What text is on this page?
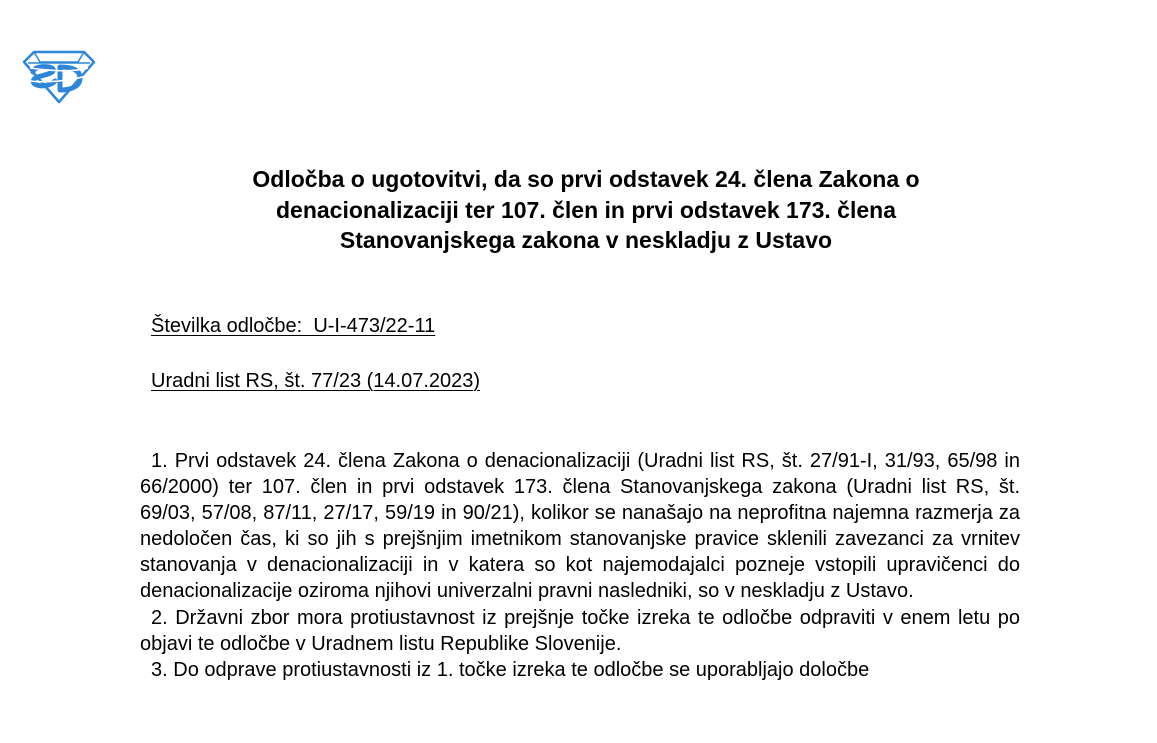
Odločba o ugotovitvi, da so prvi odstavek 24. člena Zakona o
denacionalizaciji ter 107. člen in prvi odstavek 173. člena
Stanovanjskega zakona v neskladju z Ustavo

Številka odločbe:  U-I-473/22-11

Uradni list RS, št. 77/23 (14.07.2023)

1. Prvi odstavek 24. člena Zakona o denacionalizaciji (Uradni list RS, št. 27/91-I, 31/93, 65/98 in 66/2000) ter 107. člen in prvi odstavek 173. člena Stanovanjskega zakona (Uradni list RS, št. 69/03, 57/08, 87/11, 27/17, 59/19 in 90/21), kolikor se nanašajo na neprofitna najemna razmerja za nedoločen čas, ki so jih s prejšnjim imetnikom stanovanjske pravice sklenili zavezanci za vrnitev stanovanja v denacionalizaciji in v katera so kot najemodajalci pozneje vstopili upravičenci do denacionalizacije oziroma njihovi univerzalni pravni nasledniki, so v neskladju z Ustavo.

2. Državni zbor mora protiustavnost iz prejšnje točke izreka te odločbe odpraviti v enem letu po objavi te odločbe v Uradnem listu Republike Slovenije.

3. Do odprave protiustavnosti iz 1. točke izreka te odločbe se uporabljajo določbe
